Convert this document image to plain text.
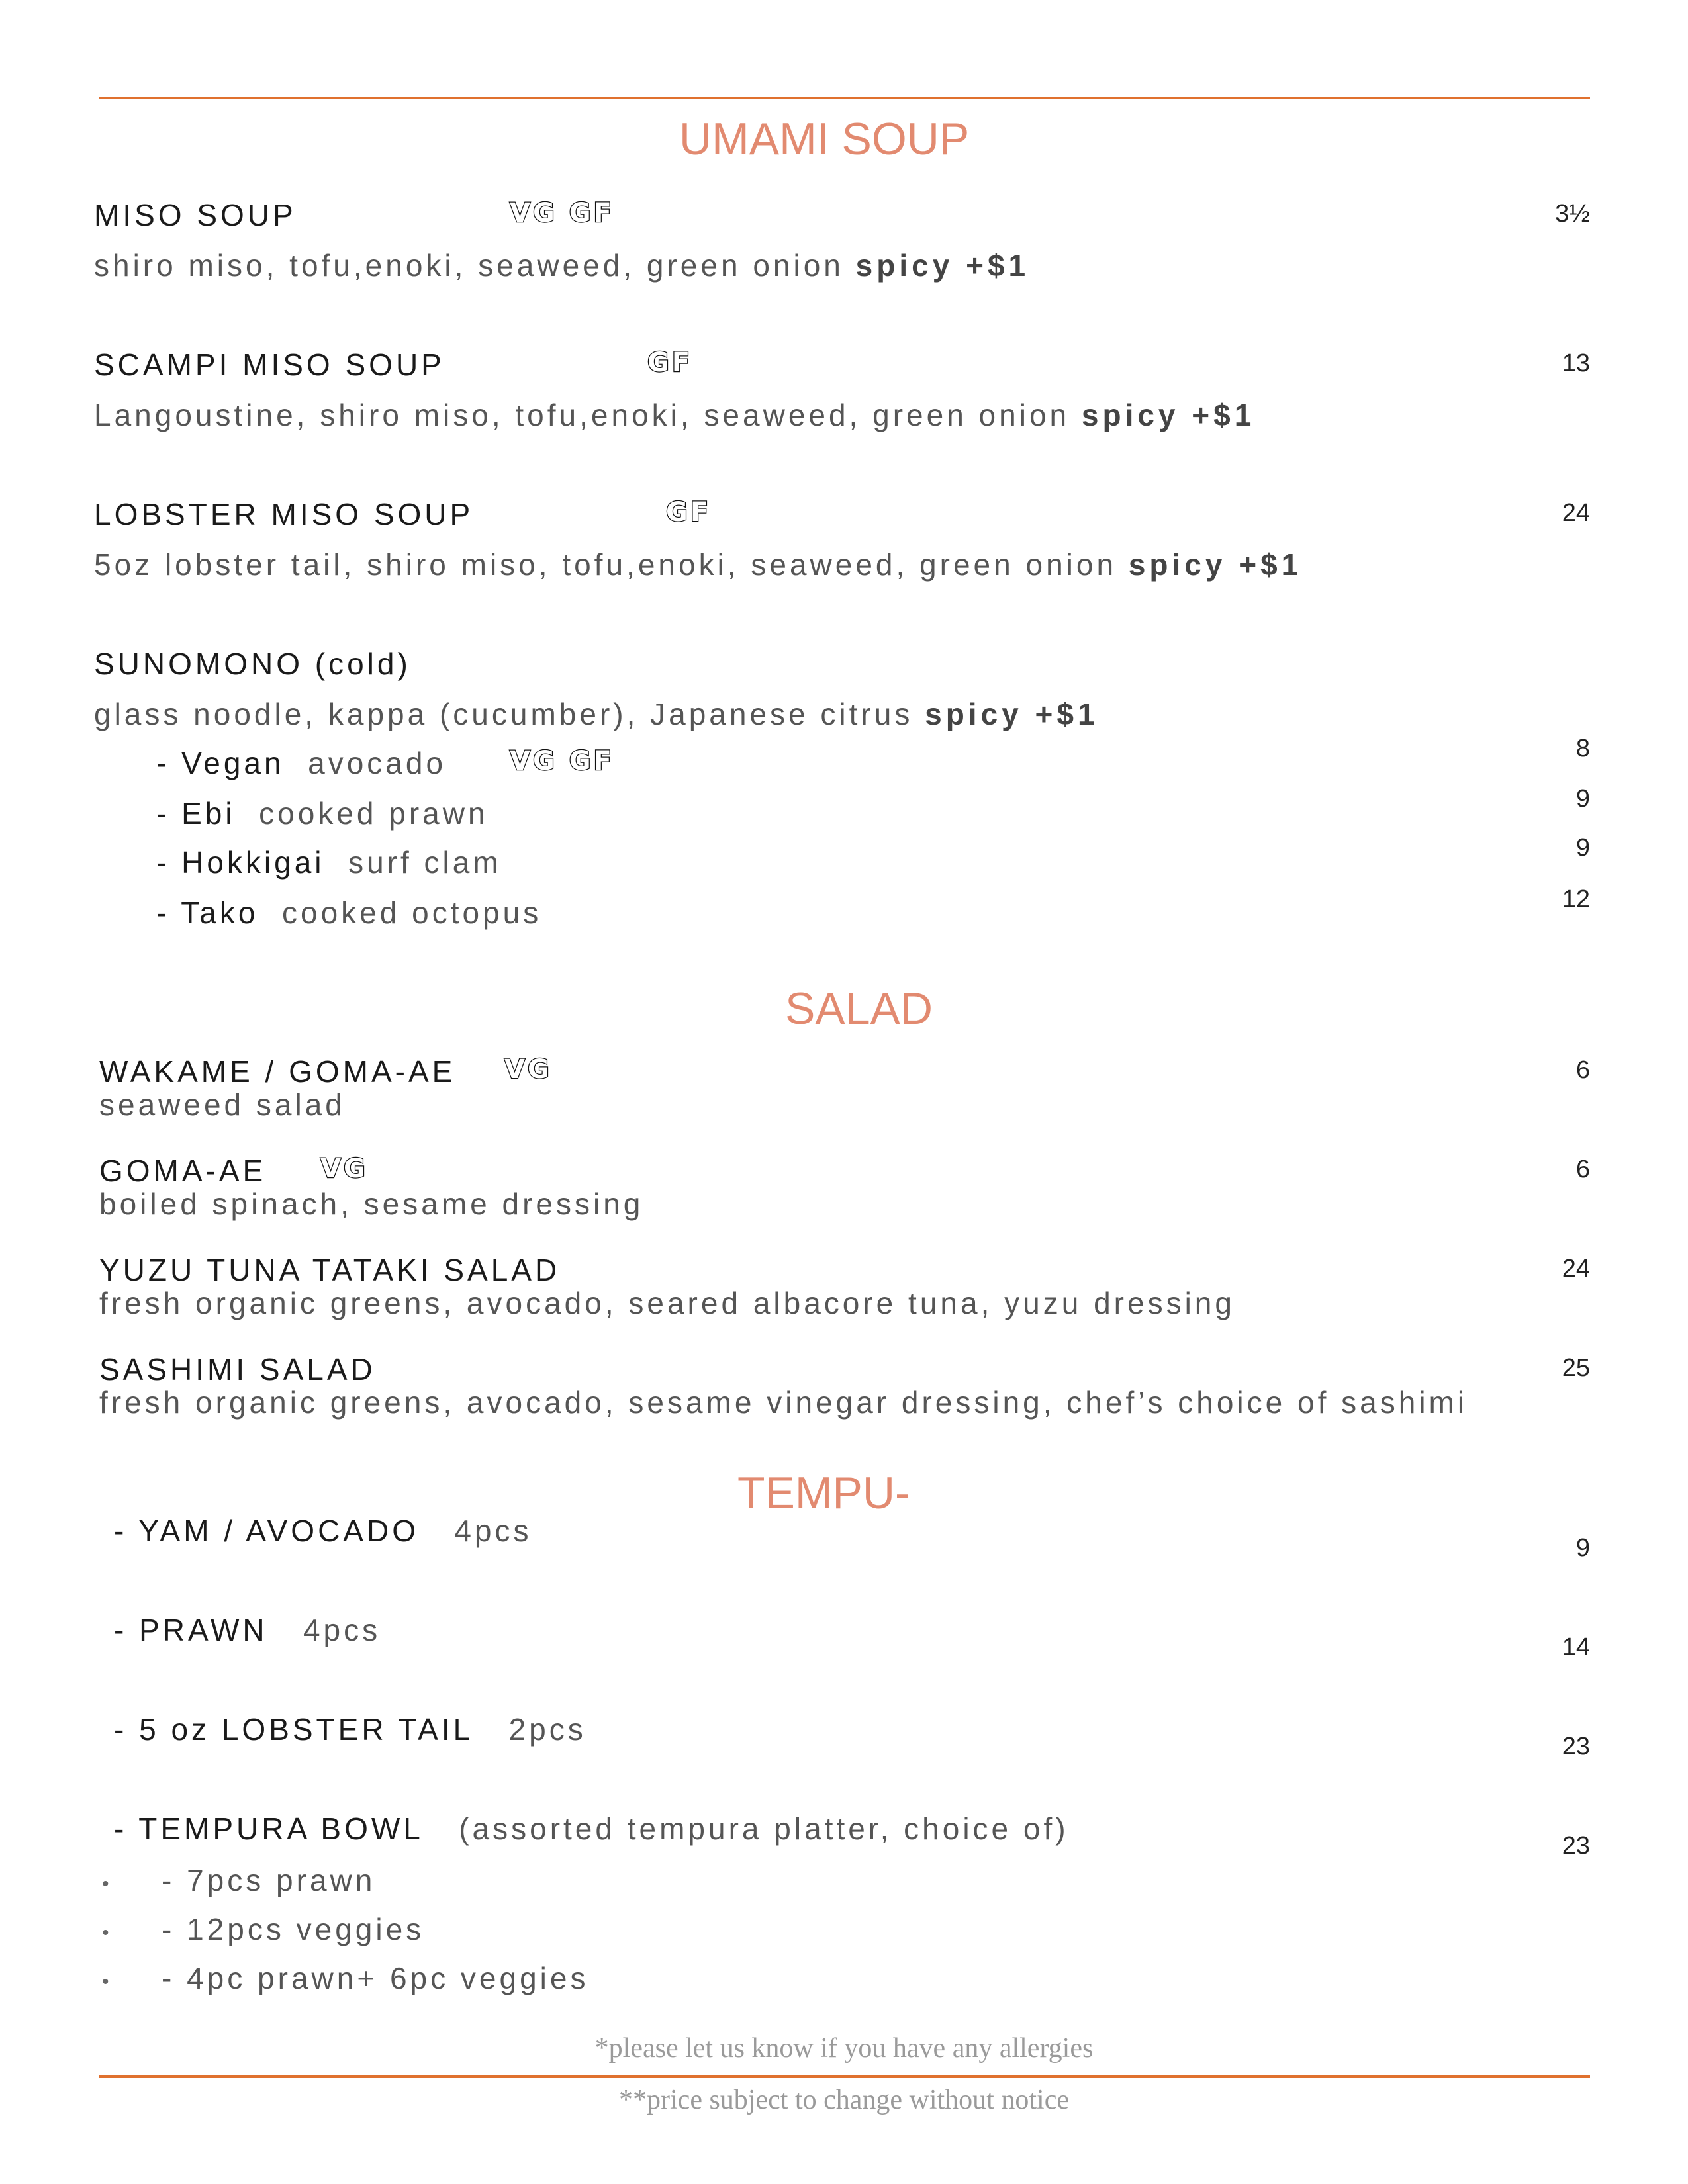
UMAMI SOUP
MISO SOUP	VG GF	3½
shiro miso, tofu,enoki, seaweed, green onion spicy +$1
SCAMPI MISO SOUP	GF	13
Langoustine, shiro miso, tofu,enoki, seaweed, green onion spicy +$1
LOBSTER MISO SOUP	GF	24
5oz lobster tail, shiro miso, tofu,enoki, seaweed, green onion spicy +$1
SUNOMONO (cold)
glass noodle, kappa (cucumber), Japanese citrus spicy +$1
- Vegan avocado VG GF	8
- Ebi cooked prawn	9
- Hokkigai surf clam	9
- Tako cooked octopus	12
SALAD
WAKAME / GOMA-AE VG	6
seaweed salad
GOMA-AE VG	6
boiled spinach, sesame dressing
YUZU TUNA TATAKI SALAD	24
fresh organic greens, avocado, seared albacore tuna, yuzu dressing
SASHIMI SALAD	25
fresh organic greens, avocado, sesame vinegar dressing, chef’s choice of sashimi
TEMPU-
- YAM / AVOCADO 4pcs	9
- PRAWN 4pcs	14
- 5 oz LOBSTER TAIL 2pcs	23
- TEMPURA BOWL (assorted tempura platter, choice of)	23
• - 7pcs prawn
• - 12pcs veggies
• - 4pc prawn+ 6pc veggies
*please let us know if you have any allergies
**price subject to change without notice
